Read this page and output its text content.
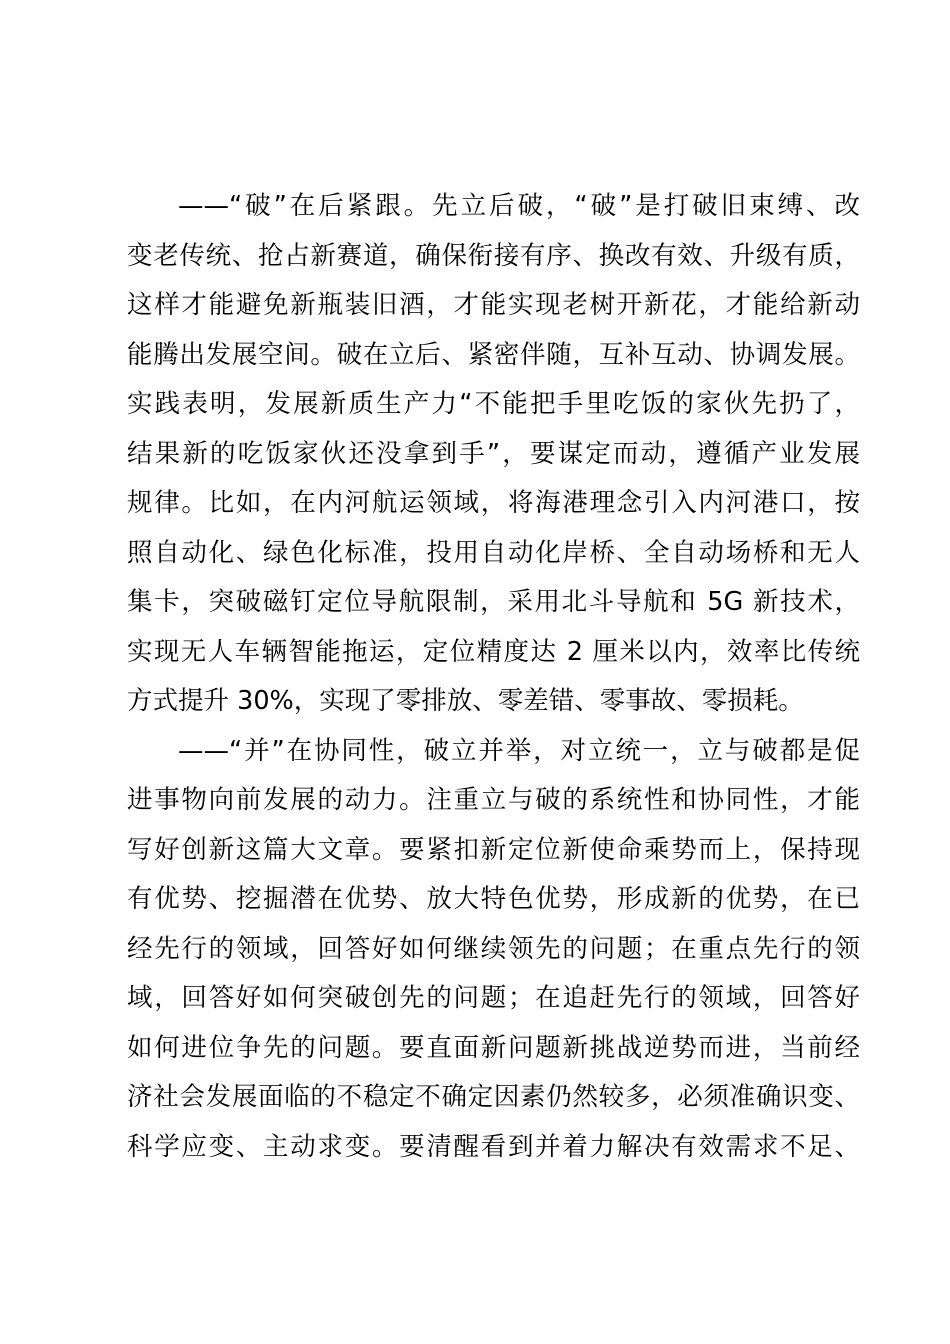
——“破”在后紧跟。先立后破，“破”是打破旧束缚、改
变老传统、抢占新赛道，确保衔接有序、换改有效、升级有质，
这样才能避免新瓶装旧酒，才能实现老树开新花，才能给新动
能腾出发展空间。破在立后、紧密伴随，互补互动、协调发展。
实践表明，发展新质生产力“不能把手里吃饭的家伙先扔了，
结果新的吃饭家伙还没拿到手”，要谋定而动，遵循产业发展
规律。比如，在内河航运领域，将海港理念引入内河港口，按
照自动化、绿色化标准，投用自动化岸桥、全自动场桥和无人
集卡，突破磁钉定位导航限制，采用北斗导航和 5G 新技术，
实现无人车辆智能拖运，定位精度达 2 厘米以内，效率比传统
方式提升 30%，实现了零排放、零差错、零事故、零损耗。
——“并”在协同性，破立并举，对立统一，立与破都是促
进事物向前发展的动力。注重立与破的系统性和协同性，才能
写好创新这篇大文章。要紧扣新定位新使命乘势而上，保持现
有优势、挖掘潜在优势、放大特色优势，形成新的优势，在已
经先行的领域，回答好如何继续领先的问题；在重点先行的领
域，回答好如何突破创先的问题；在追赶先行的领域，回答好
如何进位争先的问题。要直面新问题新挑战逆势而进，当前经
济社会发展面临的不稳定不确定因素仍然较多，必须准确识变、
科学应变、主动求变。要清醒看到并着力解决有效需求不足、
